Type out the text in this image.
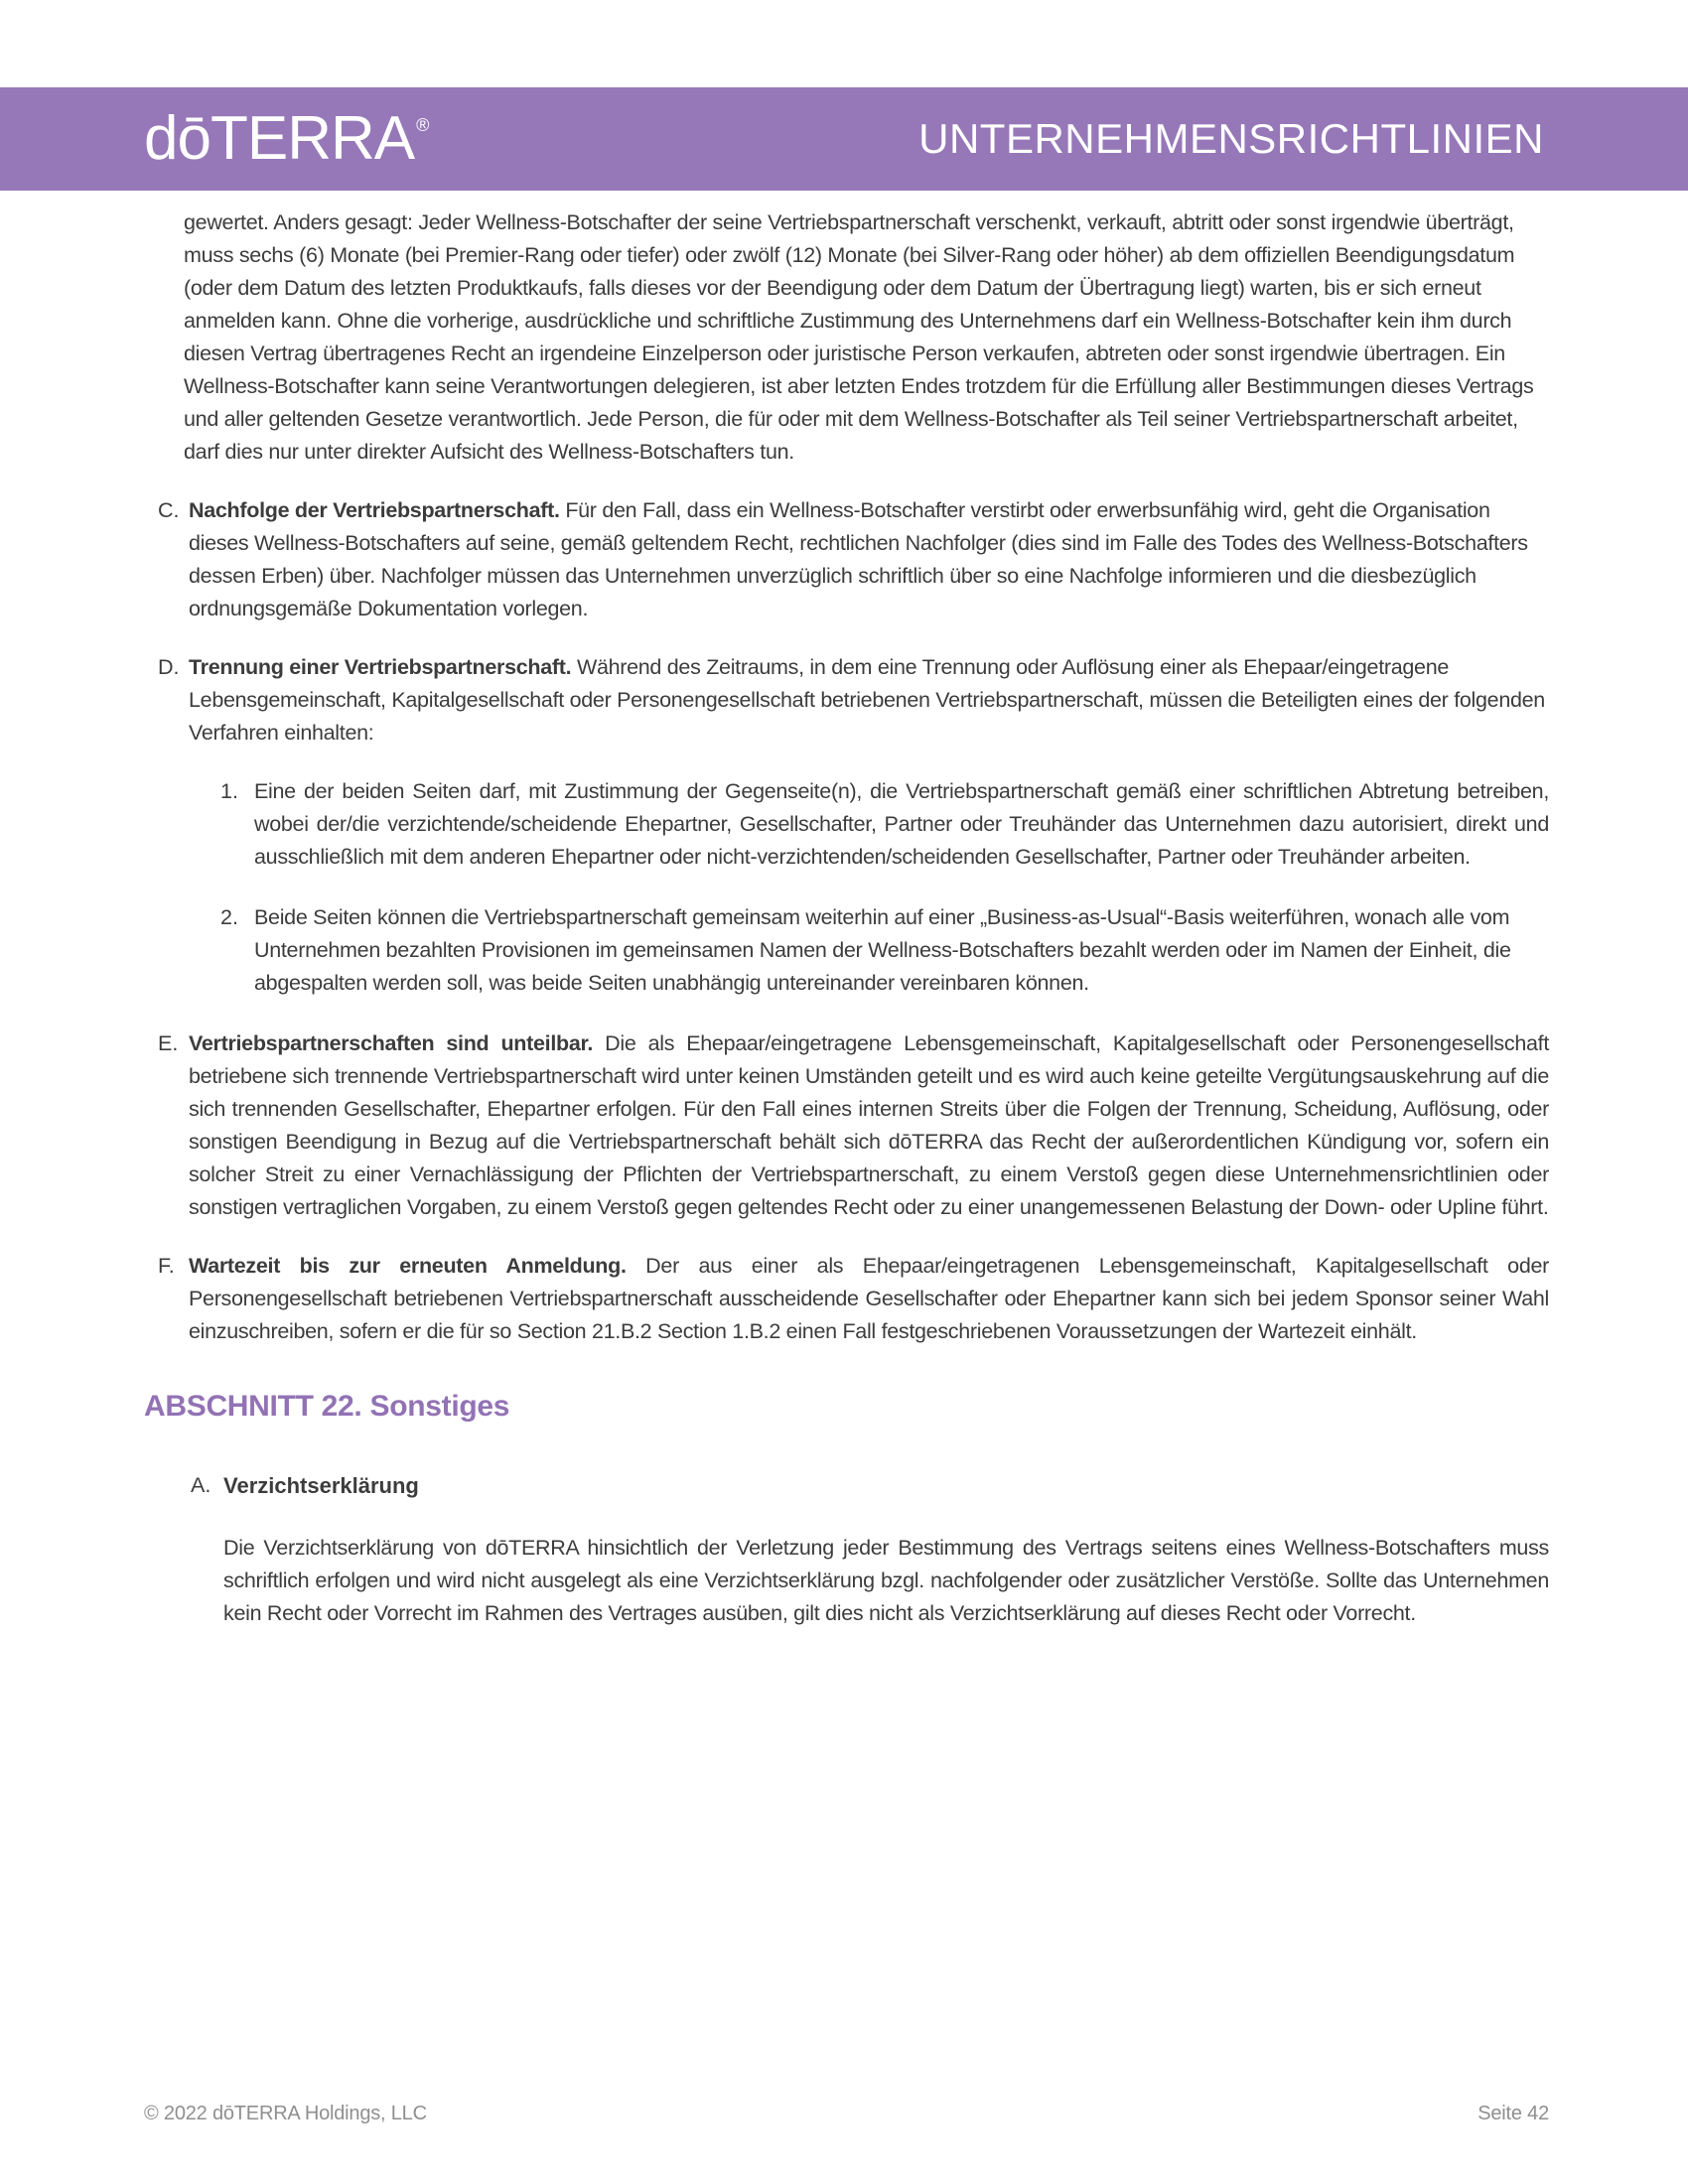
dōTERRA ®	UNTERNEHMENSRICHTLINIEN

gewertet. Anders gesagt: Jeder Wellness-Botschafter der seine Vertriebspartnerschaft verschenkt, verkauft, abtritt oder sonst irgendwie überträgt, muss sechs (6) Monate (bei Premier-Rang oder tiefer) oder zwölf (12) Monate (bei Silver-Rang oder höher) ab dem offiziellen Beendigungsdatum (oder dem Datum des letzten Produktkaufs, falls dieses vor der Beendigung oder dem Datum der Übertragung liegt) warten, bis er sich erneut anmelden kann. Ohne die vorherige, ausdrückliche und schriftliche Zustimmung des Unternehmens darf ein Wellness-Botschafter kein ihm durch diesen Vertrag übertragenes Recht an irgendeine Einzelperson oder juristische Person verkaufen, abtreten oder sonst irgendwie übertragen. Ein Wellness-Botschafter kann seine Verantwortungen delegieren, ist aber letzten Endes trotzdem für die Erfüllung aller Bestimmungen dieses Vertrags und aller geltenden Gesetze verantwortlich. Jede Person, die für oder mit dem Wellness-Botschafter als Teil seiner Vertriebspartnerschaft arbeitet, darf dies nur unter direkter Aufsicht des Wellness-Botschafters tun.

C. Nachfolge der Vertriebspartnerschaft. Für den Fall, dass ein Wellness-Botschafter verstirbt oder erwerbsunfähig wird, geht die Organisation dieses Wellness-Botschafters auf seine, gemäß geltendem Recht, rechtlichen Nachfolger (dies sind im Falle des Todes des Wellness-Botschafters dessen Erben) über. Nachfolger müssen das Unternehmen unverzüglich schriftlich über so eine Nachfolge informieren und die diesbezüglich ordnungsgemäße Dokumentation vorlegen.

D. Trennung einer Vertriebspartnerschaft. Während des Zeitraums, in dem eine Trennung oder Auflösung einer als Ehepaar/eingetragene Lebensgemeinschaft, Kapitalgesellschaft oder Personengesellschaft betriebenen Vertriebspartnerschaft, müssen die Beteiligten eines der folgenden Verfahren einhalten:

1. Eine der beiden Seiten darf, mit Zustimmung der Gegenseite(n), die Vertriebspartnerschaft gemäß einer schriftlichen Abtretung betreiben, wobei der/die verzichtende/scheidende Ehepartner, Gesellschafter, Partner oder Treuhänder das Unternehmen dazu autorisiert, direkt und ausschließlich mit dem anderen Ehepartner oder nicht-verzichtenden/scheidenden Gesellschafter, Partner oder Treuhänder arbeiten.

2. Beide Seiten können die Vertriebspartnerschaft gemeinsam weiterhin auf einer „Business-as-Usual“-Basis weiterführen, wonach alle vom Unternehmen bezahlten Provisionen im gemeinsamen Namen der Wellness-Botschafters bezahlt werden oder im Namen der Einheit, die abgespalten werden soll, was beide Seiten unabhängig untereinander vereinbaren können.

E. Vertriebspartnerschaften sind unteilbar. Die als Ehepaar/eingetragene Lebensgemeinschaft, Kapitalgesellschaft oder Personengesellschaft betriebene sich trennende Vertriebspartnerschaft wird unter keinen Umständen geteilt und es wird auch keine geteilte Vergütungsauskehrung auf die sich trennenden Gesellschafter, Ehepartner erfolgen. Für den Fall eines internen Streits über die Folgen der Trennung, Scheidung, Auflösung, oder sonstigen Beendigung in Bezug auf die Vertriebspartnerschaft behält sich dōTERRA das Recht der außerordentlichen Kündigung vor, sofern ein solcher Streit zu einer Vernachlässigung der Pflichten der Vertriebspartnerschaft, zu einem Verstoß gegen diese Unternehmensrichtlinien oder sonstigen vertraglichen Vorgaben, zu einem Verstoß gegen geltendes Recht oder zu einer unangemessenen Belastung der Down- oder Upline führt.

F. Wartezeit bis zur erneuten Anmeldung. Der aus einer als Ehepaar/eingetragenen Lebensgemeinschaft, Kapitalgesellschaft oder Personengesellschaft betriebenen Vertriebspartnerschaft ausscheidende Gesellschafter oder Ehepartner kann sich bei jedem Sponsor seiner Wahl einzuschreiben, sofern er die für so Section 21.B.2 Section 1.B.2 einen Fall festgeschriebenen Voraussetzungen der Wartezeit einhält.

ABSCHNITT 22. Sonstiges
A. Verzichtserklärung

Die Verzichtserklärung von dōTERRA hinsichtlich der Verletzung jeder Bestimmung des Vertrags seitens eines Wellness-Botschafters muss schriftlich erfolgen und wird nicht ausgelegt als eine Verzichtserklärung bzgl. nachfolgender oder zusätzlicher Verstöße. Sollte das Unternehmen kein Recht oder Vorrecht im Rahmen des Vertrages ausüben, gilt dies nicht als Verzichtserklärung auf dieses Recht oder Vorrecht.

© 2022 dōTERRA Holdings, LLC	Seite 42
